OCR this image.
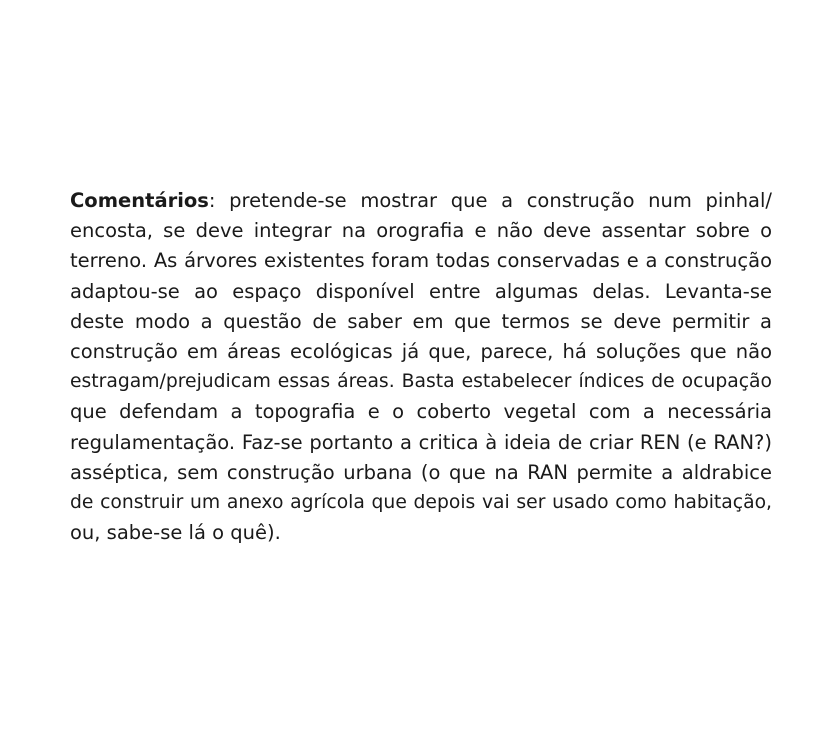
Comentários: pretende-se mostrar que a construção num pinhal/
encosta, se deve integrar na orografia e não deve assentar sobre o
terreno. As árvores existentes foram todas conservadas e a construção
adaptou-se ao espaço disponível entre algumas delas. Levanta-se
deste modo a questão de saber em que termos se deve permitir a
construção em áreas ecológicas já que, parece, há soluções que não
estragam/prejudicam essas áreas. Basta estabelecer índices de ocupação
que defendam a topografia e o coberto vegetal com a necessária
regulamentação. Faz-se portanto a critica à ideia de criar REN (e RAN?)
asséptica, sem construção urbana (o que na RAN permite a aldrabice
de construir um anexo agrícola que depois vai ser usado como habitação,
ou, sabe-se lá o quê).
